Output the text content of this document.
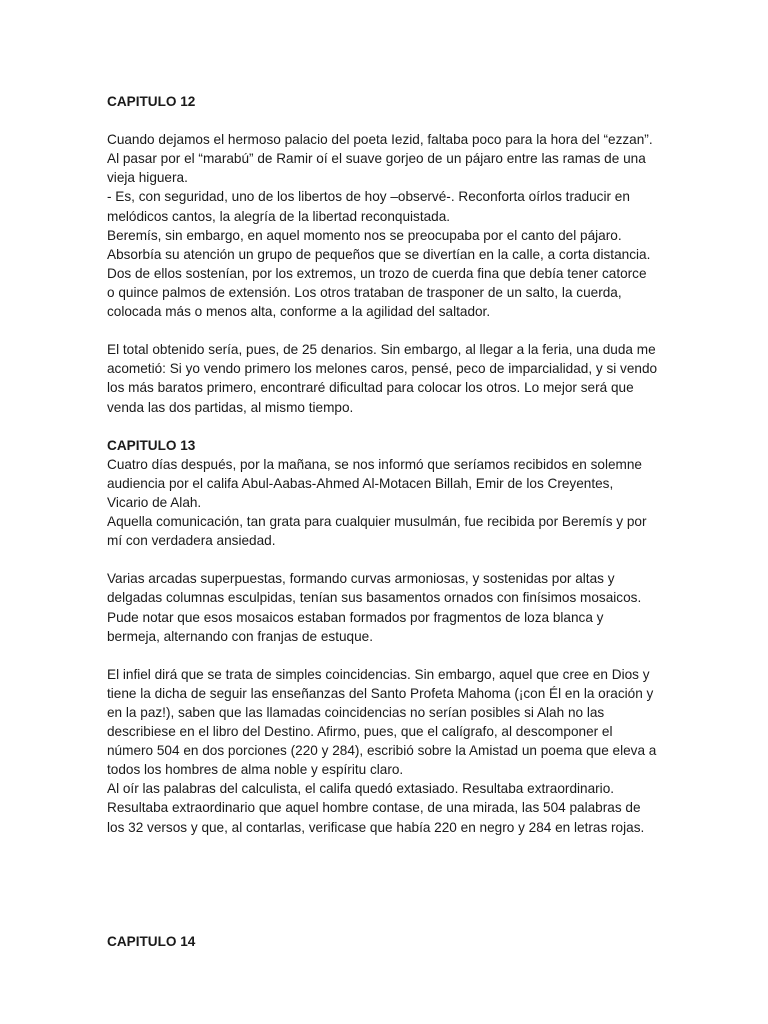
CAPITULO 12

Cuando dejamos el hermoso palacio del poeta Iezid, faltaba poco para la hora del “ezzan”.

Al pasar por el “marabú” de Ramir oí el suave gorjeo de un pájaro entre las ramas de una

vieja higuera.

- Es, con seguridad, uno de los libertos de hoy –observé-. Reconforta oírlos traducir en

melódicos cantos, la alegría de la libertad reconquistada.

Beremís, sin embargo, en aquel momento nos se preocupaba por el canto del pájaro.

Absorbía su atención un grupo de pequeños que se divertían en la calle, a corta distancia.

Dos de ellos sostenían, por los extremos, un trozo de cuerda fina que debía tener catorce

o quince palmos de extensión. Los otros trataban de trasponer de un salto, la cuerda,

colocada más o menos alta, conforme a la agilidad del saltador.

El total obtenido sería, pues, de 25 denarios. Sin embargo, al llegar a la feria, una duda me

acometió: Si yo vendo primero los melones caros, pensé, peco de imparcialidad, y si vendo

los más baratos primero, encontraré dificultad para colocar los otros. Lo mejor será que

venda las dos partidas, al mismo tiempo.

CAPITULO 13

Cuatro días después, por la mañana, se nos informó que seríamos recibidos en solemne

audiencia por el califa Abul-Aabas-Ahmed Al-Motacen Billah, Emir de los Creyentes,

Vicario de Alah.

Aquella comunicación, tan grata para cualquier musulmán, fue recibida por Beremís y por

mí con verdadera ansiedad.

Varias arcadas superpuestas, formando curvas armoniosas, y sostenidas por altas y

delgadas columnas esculpidas, tenían sus basamentos ornados con finísimos mosaicos.

Pude notar que esos mosaicos estaban formados por fragmentos de loza blanca y

bermeja, alternando con franjas de estuque.

El infiel dirá que se trata de simples coincidencias. Sin embargo, aquel que cree en Dios y

tiene la dicha de seguir las enseñanzas del Santo Profeta Mahoma (¡con Él en la oración y

en la paz!), saben que las llamadas coincidencias no serían posibles si Alah no las

describiese en el libro del Destino. Afirmo, pues, que el calígrafo, al descomponer el

número 504 en dos porciones (220 y 284), escribió sobre la Amistad un poema que eleva a

todos los hombres de alma noble y espíritu claro.

Al oír las palabras del calculista, el califa quedó extasiado. Resultaba extraordinario.

Resultaba extraordinario que aquel hombre contase, de una mirada, las 504 palabras de

los 32 versos y que, al contarlas, verificase que había 220 en negro y 284 en letras rojas.

CAPITULO 14
